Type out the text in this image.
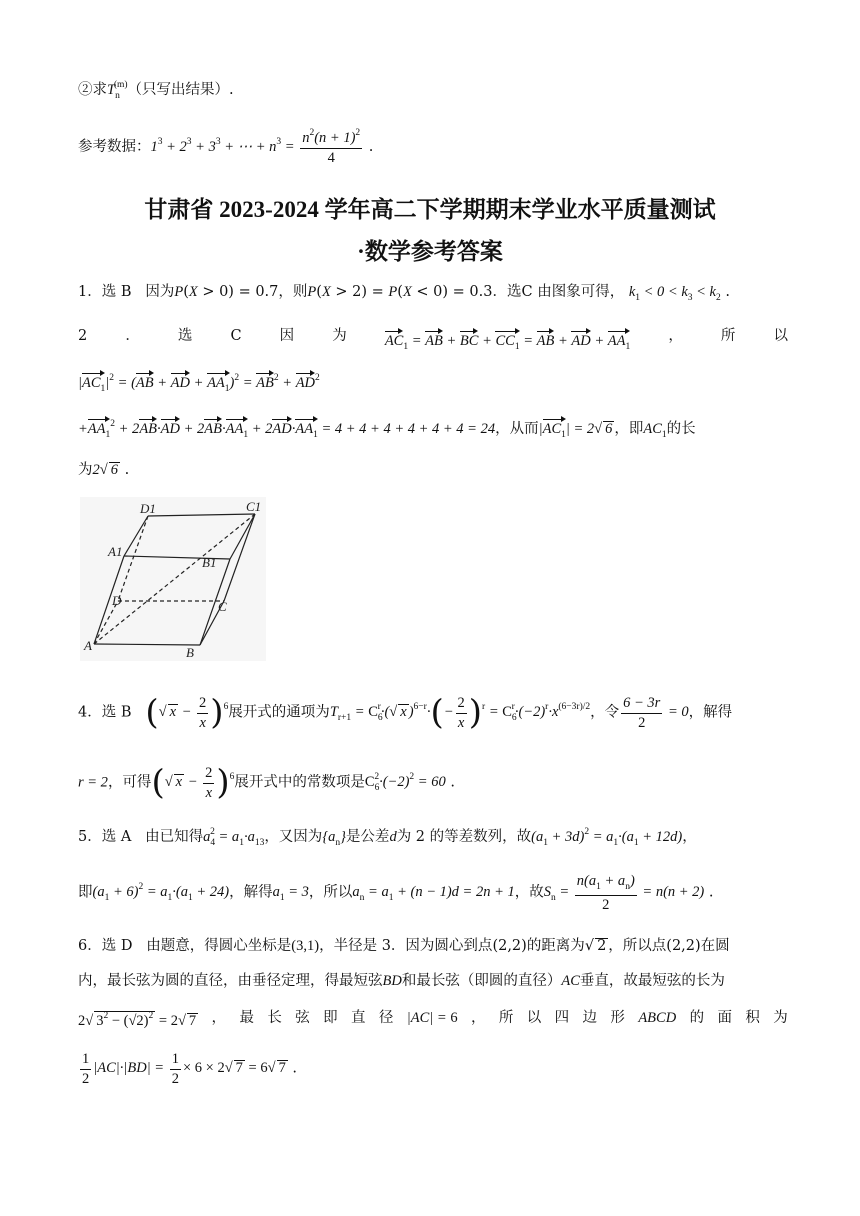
②求$T_n^{(m)}$（只写出结果）.
参考数据：$1^3 + 2^3 + 3^3$ + ⋯ + $n^3 = \frac{n^2(n + 1)^2}{4}$ .
甘肃省 2023-2024 学年高二下学期期末学业水平质量测试
·数学参考答案
1．选 B 因为P(X > 0) = 0.7，则P(X > 2) = P(X < 0) = 0.3．选C 由图象可得， $k_1 < 0 < k_3 < k_2$ .
2	．	选	C	因	为	$AC_1$ = AB + BC + $CC_1$ = AB + AD + $AA_1$
，	所	以
$|AC_1|^2 = (AB$ + AD + $AA_1)^2 = AB^2 + AD^2$
$+AA_1^2 + 2AB\cdot AD + 2AB\cdot AA_1 + 2AD\cdot AA_1 = 4 + 4 + 4 + 4 + 4 + 4 = 24$，从而$|AC_1| = 2√$ 6 ，即$AC_1$的长
为2√ 6 .
D1	C1
A1
B1
D	C
A	B
4．选 B (√ $x - \frac{2}{x} )^6$展开式的通项为$T_{r+1} = C_6^r\cdot(√$ x )$^{6-r}\cdot(- \frac{2}{x} )^r = C_6^r\cdot(-2)^r\cdot x^{(6-3r)/2}$，令 $\frac{6 - 3r}{2} = 0$，解得
r = 2，可得(√ $x - \frac{2}{x} )^6$展开式中的常数项是$C_6^2\cdot(-2)^2 = 60$ .
5．选 A 由已知得$a_4^2 = a_1\cdot a_{13}$，又因为$\{a_n\}$是公差d为 2 的等差数列，故$(a_1 + 3d)^2 = a_1\cdot(a_1 + 12d)$，
即$(a_1 + 6)^2 = a_1\cdot(a_1 + 24)$，解得$a_1 = 3$，所以$a_n = a_1 + (n - 1)d = 2n + 1$，故$S_n = \frac{n(a_1 + a_n)}{2} = n(n + 2)$ .
6．选 D 由题意，得圆心坐标是(3,1)，半径是 3．因为圆心到点(2,2)的距离为√ 2 ，所以点(2,2)在圆
内，最长弦为圆的直径，由垂径定理，得最短弦BD和最长弦（即圆的直径）AC垂直，故最短弦的长为
2√ $3^2 - (√2)^2 = 2√$ 7 ， 最 长 弦 即 直 径 |AC| = 6 ， 所 以 四 边 形 ABCD 的 面 积 为
$\frac{1}{2} |AC|\cdot|BD| = \frac{1}{2} \times 6 \times 2√$ 7 = 6√ 7 .
